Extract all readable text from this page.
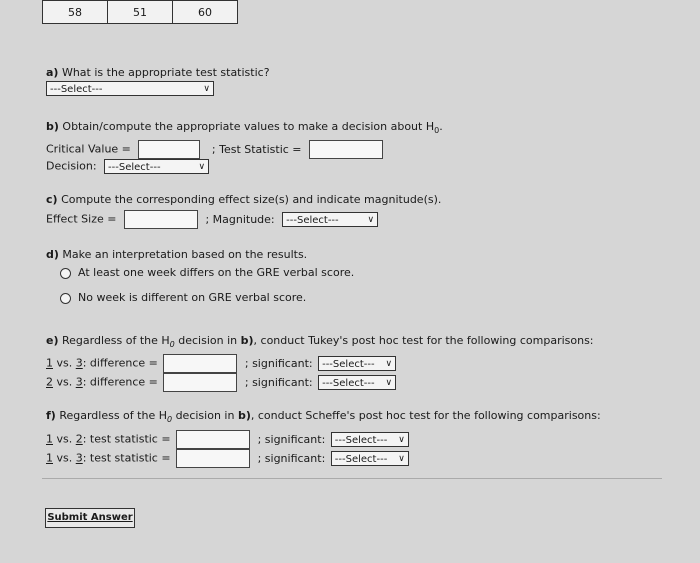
58	51	60
a) What is the appropriate test statistic?
---Select---	∨
b) Obtain/compute the appropriate values to make a decision about $H_0$.
Critical Value =	; Test Statistic =
Decision: ---Select---	∨
c) Compute the corresponding effect size(s) and indicate magnitude(s).
Effect Size =	; Magnitude: ---Select---	∨
d) Make an interpretation based on the results.
At least one week differs on the GRE verbal score.
No week is different on GRE verbal score.
e) Regardless of the $H_0$ decision in b), conduct Tukey's post hoc test for the following comparisons:
1 vs. 3: difference =	; significant: ---Select--- ∨
2 vs. 3: difference =	; significant: ---Select--- ∨
f) Regardless of the $H_0$ decision in b), conduct Scheffe's post hoc test for the following comparisons:
1 vs. 2: test statistic =	; significant: ---Select--- ∨
1 vs. 3: test statistic =	; significant: ---Select--- ∨
Submit Answer
